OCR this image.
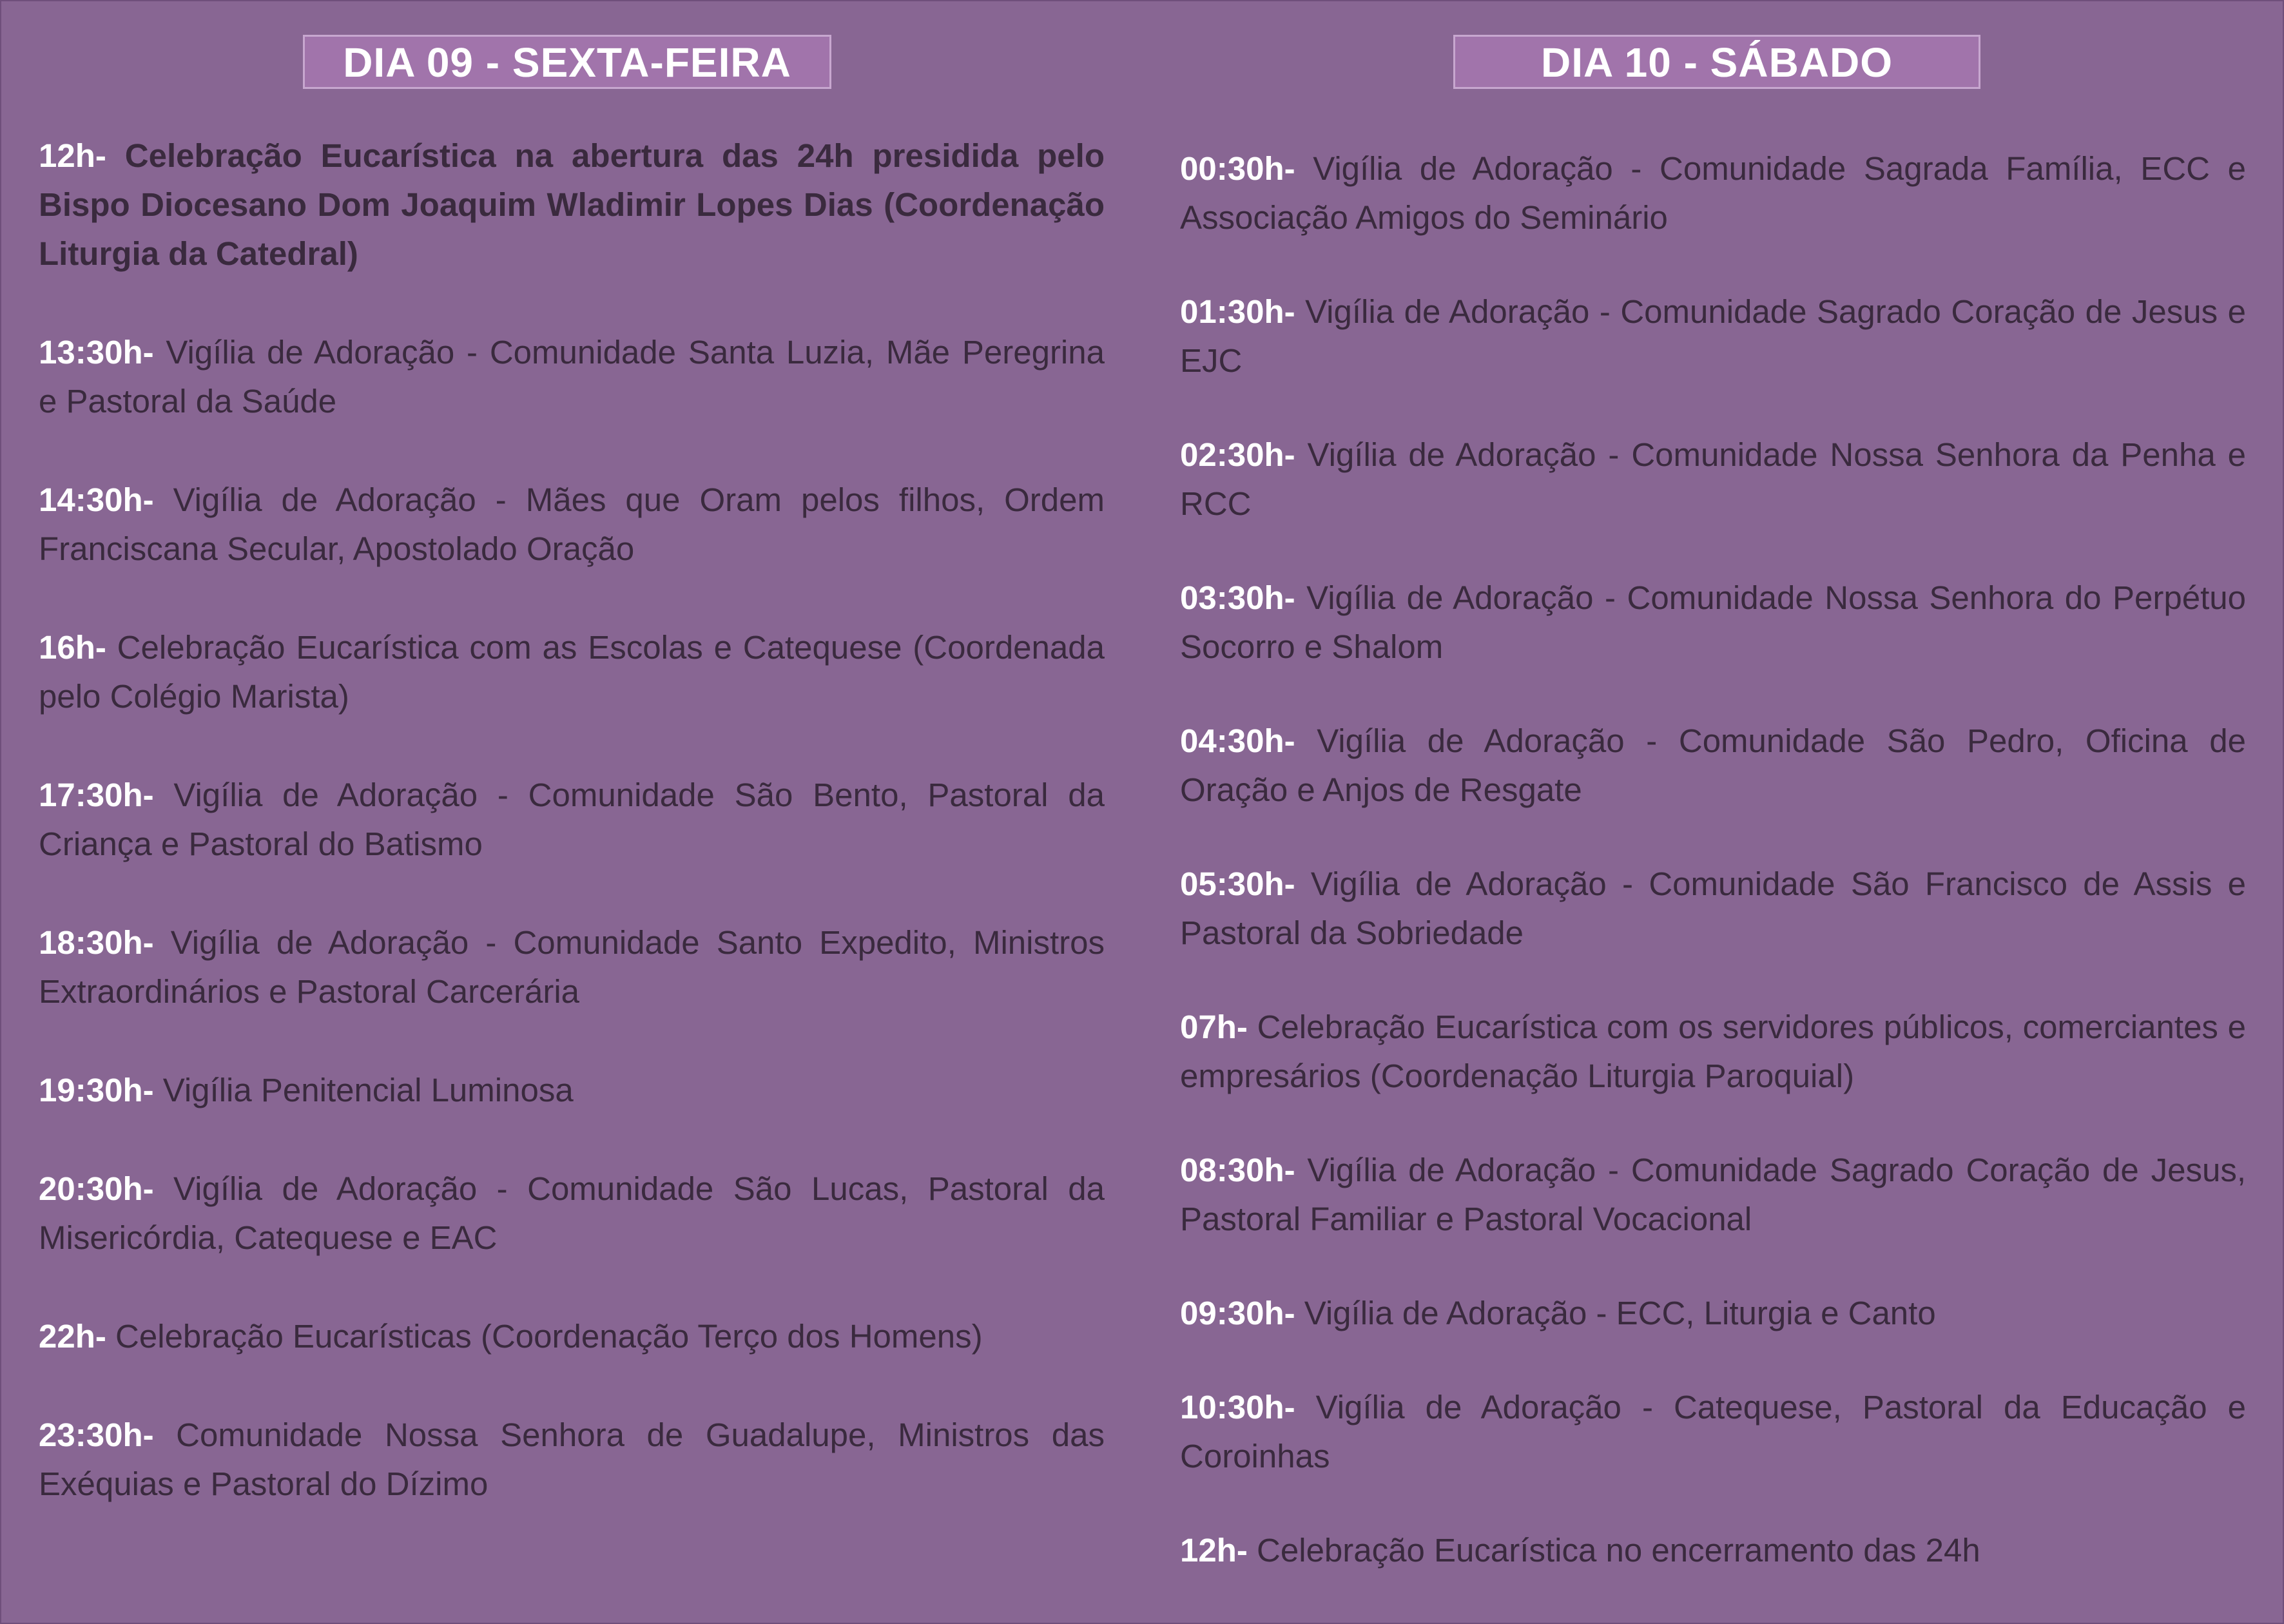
DIA 09 - SEXTA-FEIRA
12h- Celebração Eucarística na abertura das 24h presidida pelo Bispo Diocesano Dom Joaquim Wladimir Lopes Dias (Coordenação Liturgia da Catedral)
13:30h- Vigília de Adoração - Comunidade Santa Luzia, Mãe Peregrina e Pastoral da Saúde
14:30h- Vigília de Adoração - Mães que Oram pelos filhos, Ordem Franciscana Secular, Apostolado Oração
16h- Celebração Eucarística com as Escolas e Catequese (Coordenada pelo Colégio Marista)
17:30h- Vigília de Adoração - Comunidade São Bento, Pastoral da Criança e Pastoral do Batismo
18:30h- Vigília de Adoração - Comunidade Santo Expedito, Ministros Extraordinários e Pastoral Carcerária
19:30h- Vigília Penitencial Luminosa
20:30h- Vigília de Adoração - Comunidade São Lucas, Pastoral da Misericórdia, Catequese e EAC
22h- Celebração Eucarísticas (Coordenação Terço dos Homens)
23:30h- Comunidade Nossa Senhora de Guadalupe, Ministros das Exéquias e Pastoral do Dízimo
DIA 10 - SÁBADO
00:30h- Vigília de Adoração - Comunidade Sagrada Família, ECC e Associação Amigos do Seminário
01:30h- Vigília de Adoração - Comunidade Sagrado Coração de Jesus e EJC
02:30h- Vigília de Adoração - Comunidade Nossa Senhora da Penha e RCC
03:30h- Vigília de Adoração - Comunidade Nossa Senhora do Perpétuo Socorro e Shalom
04:30h- Vigília de Adoração - Comunidade São Pedro, Oficina de Oração e Anjos de Resgate
05:30h- Vigília de Adoração - Comunidade São Francisco de Assis e Pastoral da Sobriedade
07h- Celebração Eucarística com os servidores públicos, comerciantes e empresários (Coordenação Liturgia Paroquial)
08:30h- Vigília de Adoração - Comunidade Sagrado Coração de Jesus, Pastoral Familiar e Pastoral Vocacional
09:30h- Vigília de Adoração - ECC, Liturgia e Canto
10:30h- Vigília de Adoração - Catequese, Pastoral da Educação e Coroinhas
12h- Celebração Eucarística no encerramento das 24h
